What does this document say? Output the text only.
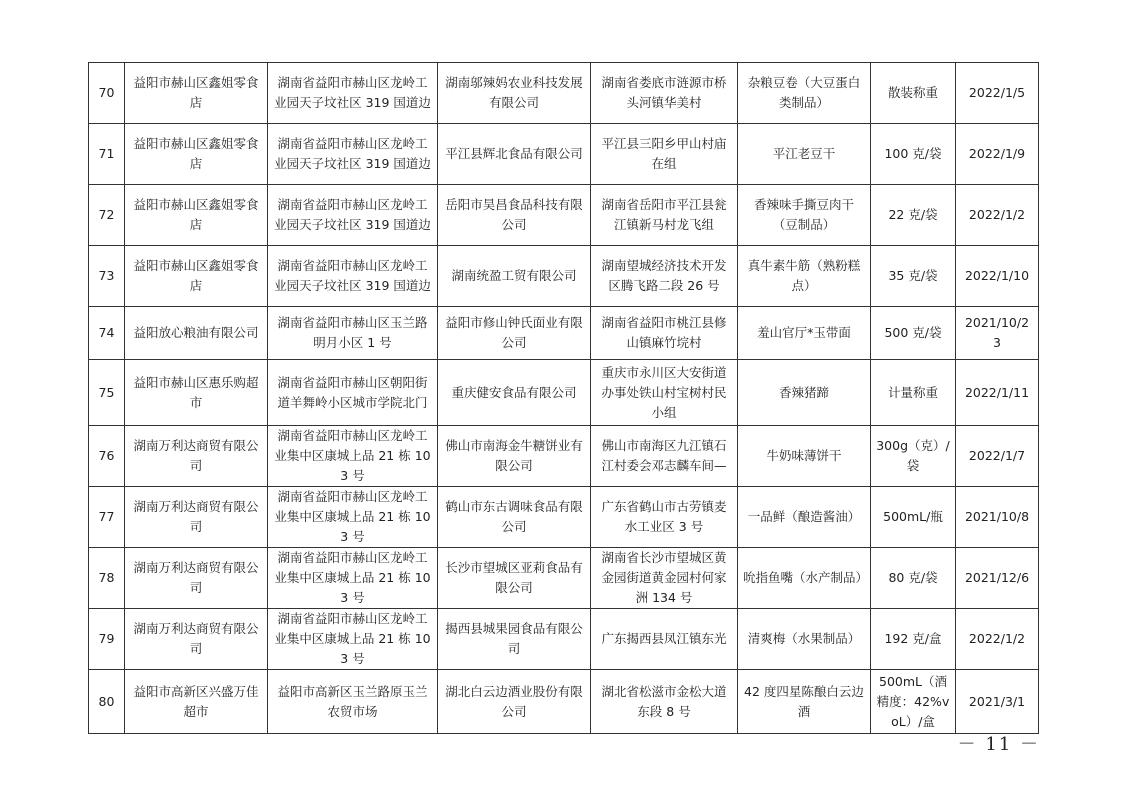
70	益阳市赫山区鑫姐零食店	湖南省益阳市赫山区龙岭工业园天子坟社区 319 国道边	湖南邬辣妈农业科技发展有限公司	湖南省娄底市涟源市桥头河镇华美村	杂粮豆卷（大豆蛋白类制品）	散装称重	2022/1/5
71	益阳市赫山区鑫姐零食店	湖南省益阳市赫山区龙岭工业园天子坟社区 319 国道边	平江县辉北食品有限公司	平江县三阳乡甲山村庙在组	平江老豆干	100 克/袋	2022/1/9
72	益阳市赫山区鑫姐零食店	湖南省益阳市赫山区龙岭工业园天子坟社区 319 国道边	岳阳市昊昌食品科技有限公司	湖南省岳阳市平江县瓮江镇新马村龙飞组	香辣味手撕豆肉干（豆制品）	22 克/袋	2022/1/2
73	益阳市赫山区鑫姐零食店	湖南省益阳市赫山区龙岭工业园天子坟社区 319 国道边	湖南统盈工贸有限公司	湖南望城经济技术开发区腾飞路二段 26 号	真牛素牛筋（熟粉糕点）	35 克/袋	2022/1/10
74	益阳放心粮油有限公司	湖南省益阳市赫山区玉兰路明月小区 1 号	益阳市修山钟氏面业有限公司	湖南省益阳市桃江县修山镇麻竹垸村	羞山官厅*玉带面	500 克/袋	2021/10/23
75	益阳市赫山区惠乐购超市	湖南省益阳市赫山区朝阳街道羊舞岭小区城市学院北门	重庆健安食品有限公司	重庆市永川区大安街道办事处铁山村宝树村民小组	香辣猪蹄	计量称重	2022/1/11
76	湖南万利达商贸有限公司	湖南省益阳市赫山区龙岭工业集中区康城上品 21 栋 103 号	佛山市南海金牛糖饼业有限公司	佛山市南海区九江镇石江村委会邓志麟车间—	牛奶味薄饼干	300g（克）/袋	2022/1/7
77	湖南万利达商贸有限公司	湖南省益阳市赫山区龙岭工业集中区康城上品 21 栋 103 号	鹤山市东古调味食品有限公司	广东省鹤山市古劳镇麦水工业区 3 号	一品鲜（酿造酱油）	500mL/瓶	2021/10/8
78	湖南万利达商贸有限公司	湖南省益阳市赫山区龙岭工业集中区康城上品 21 栋 103 号	长沙市望城区亚莉食品有限公司	湖南省长沙市望城区黄金园街道黄金园村何家洲 134 号	吮指鱼嘴（水产制品）	80 克/袋	2021/12/6
79	湖南万利达商贸有限公司	湖南省益阳市赫山区龙岭工业集中区康城上品 21 栋 103 号	揭西县城果园食品有限公司	广东揭西县凤江镇东光	清爽梅（水果制品）	192 克/盒	2022/1/2
80	益阳市高新区兴盛万佳超市	益阳市高新区玉兰路原玉兰农贸市场	湖北白云边酒业股份有限公司	湖北省松滋市金松大道东段 8 号	42 度四星陈酿白云边酒	500mL（酒精度：42%voL）/盒	2021/3/1
－ 11 －
